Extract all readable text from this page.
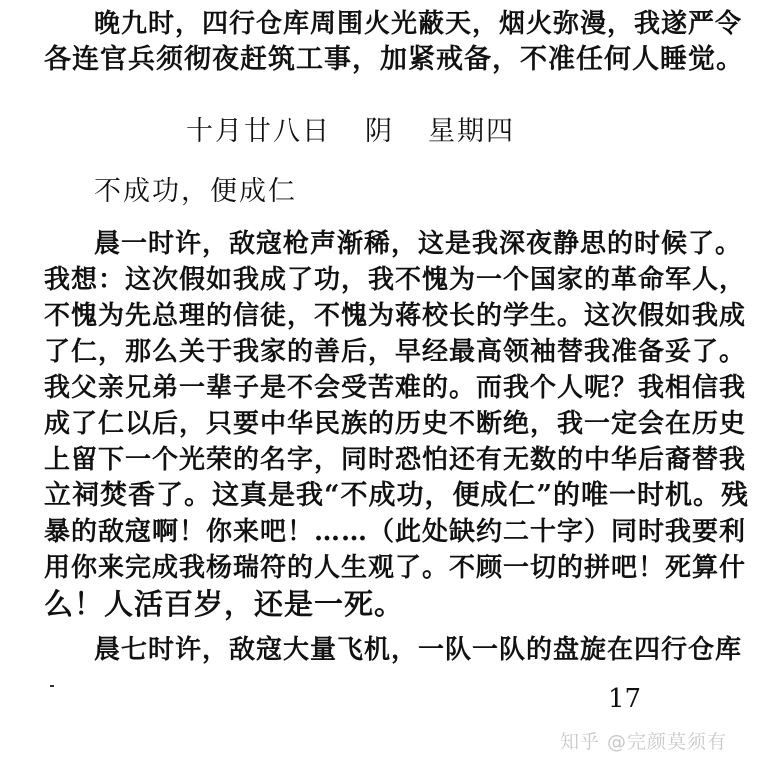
晚九时，四行仓库周围火光蔽天，烟火弥漫，我遂严令
各连官兵须彻夜赶筑工事，加紧戒备，不准任何人睡觉。
十月廿八日 阴 星期四
不成功，便成仁
晨一时许，敌寇枪声渐稀，这是我深夜静思的时候了。
我想：这次假如我成了功，我不愧为一个国家的革命军人，
不愧为先总理的信徒，不愧为蒋校长的学生。这次假如我成
了仁，那么关于我家的善后，早经最高领袖替我准备妥了。
我父亲兄弟一辈子是不会受苦难的。而我个人呢？我相信我
成了仁以后，只要中华民族的历史不断绝，我一定会在历史
上留下一个光荣的名字，同时恐怕还有无数的中华后裔替我
立祠焚香了。这真是我“不成功，便成仁”的唯一时机。残
暴的敌寇啊！你来吧！……（此处缺约二十字）同时我要利
用你来完成我杨瑞符的人生观了。不顾一切的拼吧！死算什
么！人活百岁，还是一死。
晨七时许，敌寇大量飞机，一队一队的盘旋在四行仓库
17
知乎 @完颜莫须有
